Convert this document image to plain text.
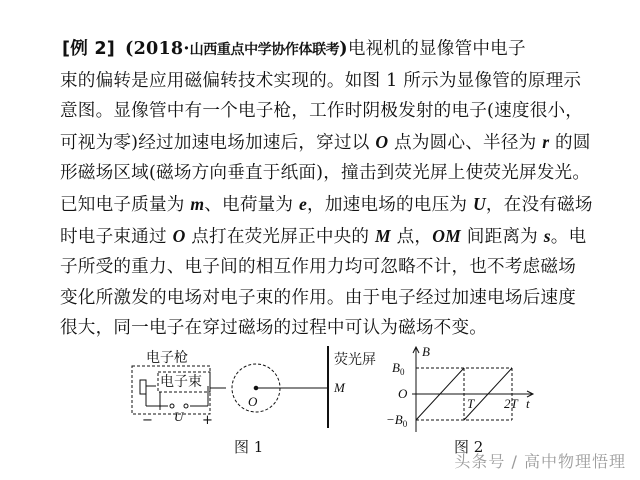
[例 2] (2018·山西重点中学协作体联考)电视机的显像管中电子
束的偏转是应用磁偏转技术实现的。如图 1 所示为显像管的原理示
意图。显像管中有一个电子枪，工作时阴极发射的电子(速度很小，
可视为零)经过加速电场加速后，穿过以 O 点为圆心、半径为 r 的圆
形磁场区域(磁场方向垂直于纸面)，撞击到荧光屏上使荧光屏发光。
已知电子质量为 m、电荷量为 e，加速电场的电压为 U，在没有磁场
时电子束通过 O 点打在荧光屏正中央的 M 点，OM 间距离为 s。电
子所受的重力、电子间的相互作用力均可忽略不计，也不考虑磁场
变化所激发的电场对电子束的作用。由于电子经过加速电场后速度
很大，同一电子在穿过磁场的过程中可认为磁场不变。
电子枪
电子束
荧光屏
M
O
U
−	+
图 1
B
$B_0$
O
$-B_0$
T 2T t
图 2
头条号 / 高中物理悟理
